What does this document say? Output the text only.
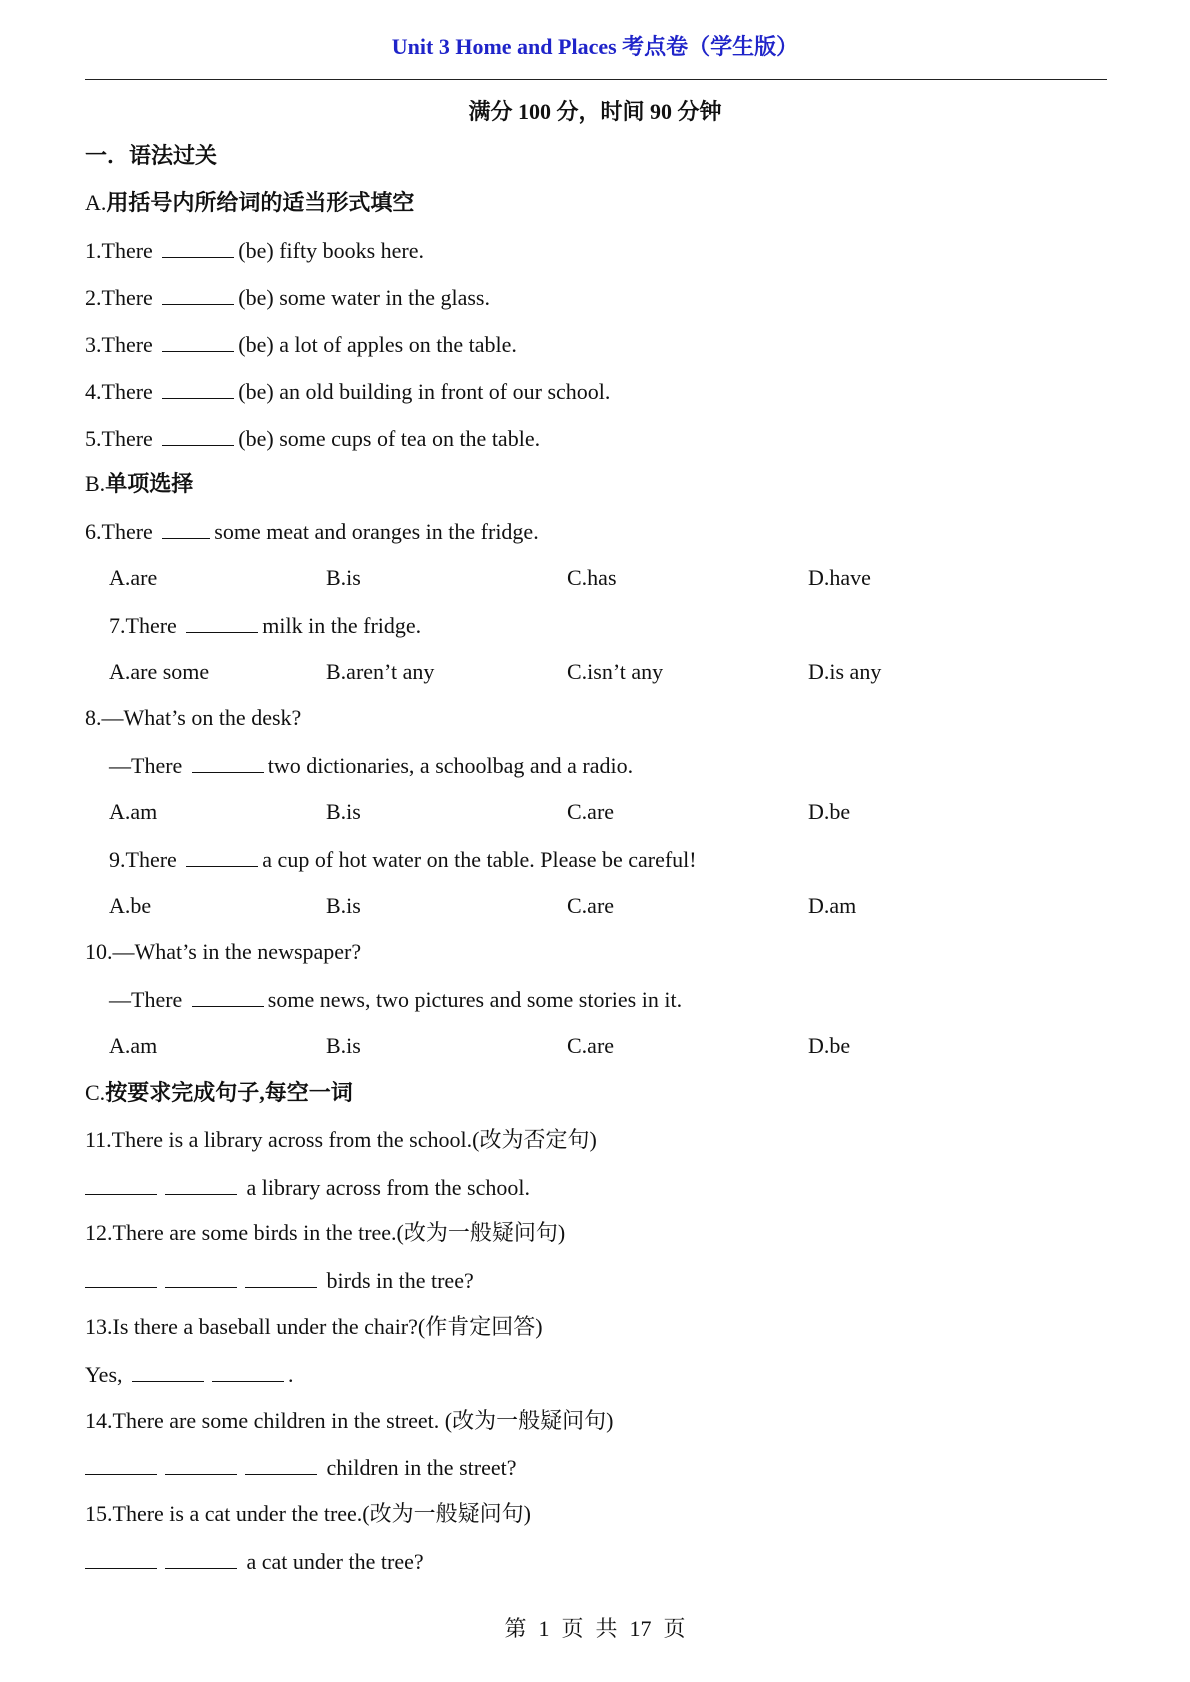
Unit 3 Home and Places 考点卷（学生版）
满分 100 分，时间 90 分钟
一．语法过关
A.用括号内所给词的适当形式填空
1.There	(be) fifty books here.
2.There	(be) some water in the glass.
3.There	(be) a lot of apples on the table.
4.There	(be) an old building in front of our school.
5.There	(be) some cups of tea on the table.
B.单项选择
6.There	some meat and oranges in the fridge.
A.are	B.is	C.has	D.have
7.There	milk in the fridge.
A.are some	B.aren’t any	C.isn’t any	D.is any
8.—What’s on the desk?
—There	two dictionaries, a schoolbag and a radio.
A.am	B.is	C.are	D.be
9.There	a cup of hot water on the table. Please be careful!
A.be	B.is	C.are	D.am
10.—What’s in the newspaper?
—There	some news, two pictures and some stories in it.
A.am	B.is	C.are	D.be
C.按要求完成句子,每空一词
11.There is a library across from the school.(改为否定句)
a library across from the school.
12.There are some birds in the tree.(改为一般疑问句)
birds in the tree?
13.Is there a baseball under the chair?(作肯定回答)
Yes,	.
14.There are some children in the street. (改为一般疑问句)
children in the street?
15.There is a cat under the tree.(改为一般疑问句)
a cat under the tree?
第 1 页 共 17 页
